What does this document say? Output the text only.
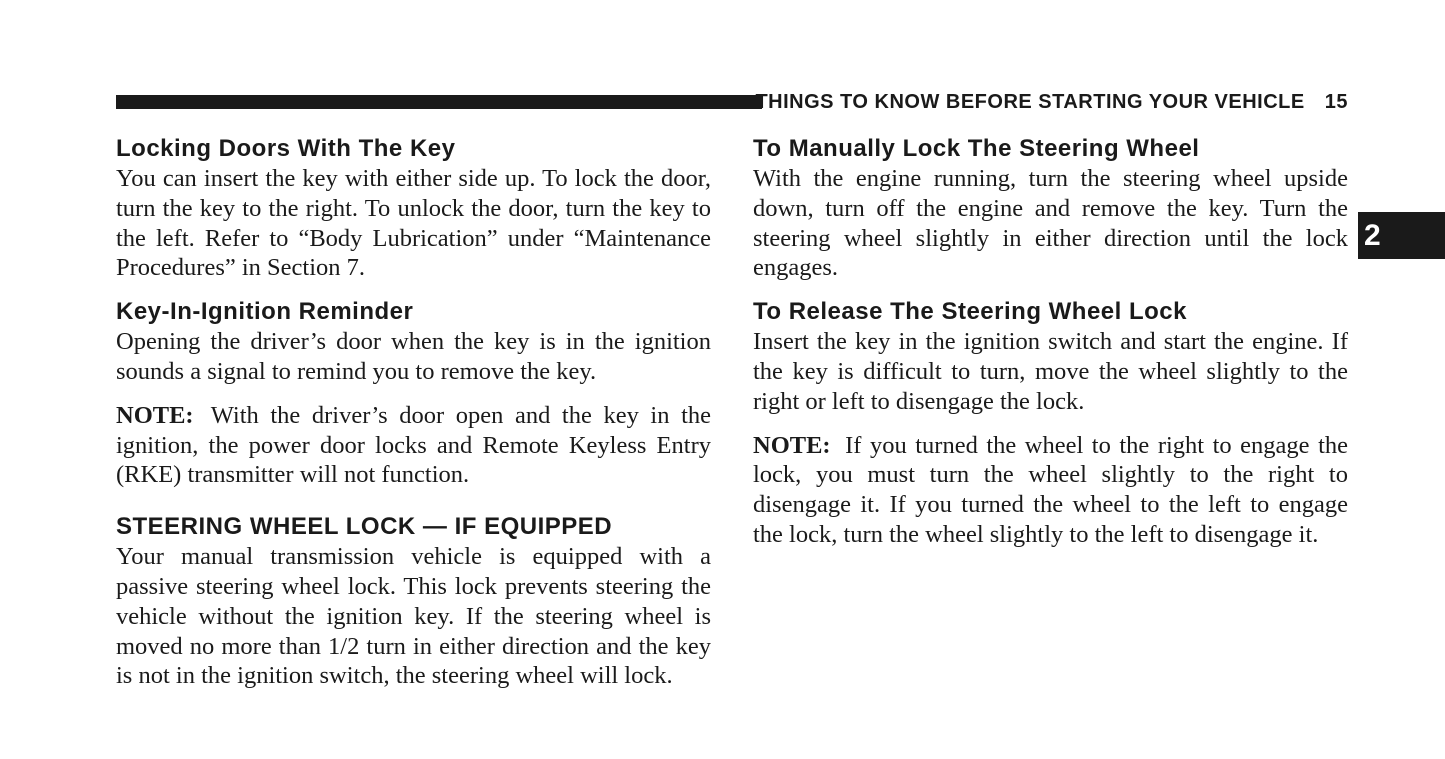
THINGS TO KNOW BEFORE STARTING YOUR VEHICLE 15
2
Locking Doors With The Key

You can insert the key with either side up. To lock the door, turn the key to the right. To unlock the door, turn the key to the left. Refer to “Body Lubrication” under “Maintenance Procedures” in Section 7.

Key-In-Ignition Reminder

Opening the driver’s door when the key is in the ignition sounds a signal to remind you to remove the key.

NOTE: With the driver’s door open and the key in the ignition, the power door locks and Remote Keyless Entry (RKE) transmitter will not function.

STEERING WHEEL LOCK — IF EQUIPPED

Your manual transmission vehicle is equipped with a passive steering wheel lock. This lock prevents steering the vehicle without the ignition key. If the steering wheel is moved no more than 1/2 turn in either direction and the key is not in the ignition switch, the steering wheel will lock.

To Manually Lock The Steering Wheel

With the engine running, turn the steering wheel upside down, turn off the engine and remove the key. Turn the steering wheel slightly in either direction until the lock engages.

To Release The Steering Wheel Lock

Insert the key in the ignition switch and start the engine. If the key is difficult to turn, move the wheel slightly to the right or left to disengage the lock.

NOTE: If you turned the wheel to the right to engage the lock, you must turn the wheel slightly to the right to disengage it. If you turned the wheel to the left to engage the lock, turn the wheel slightly to the left to disengage it.
